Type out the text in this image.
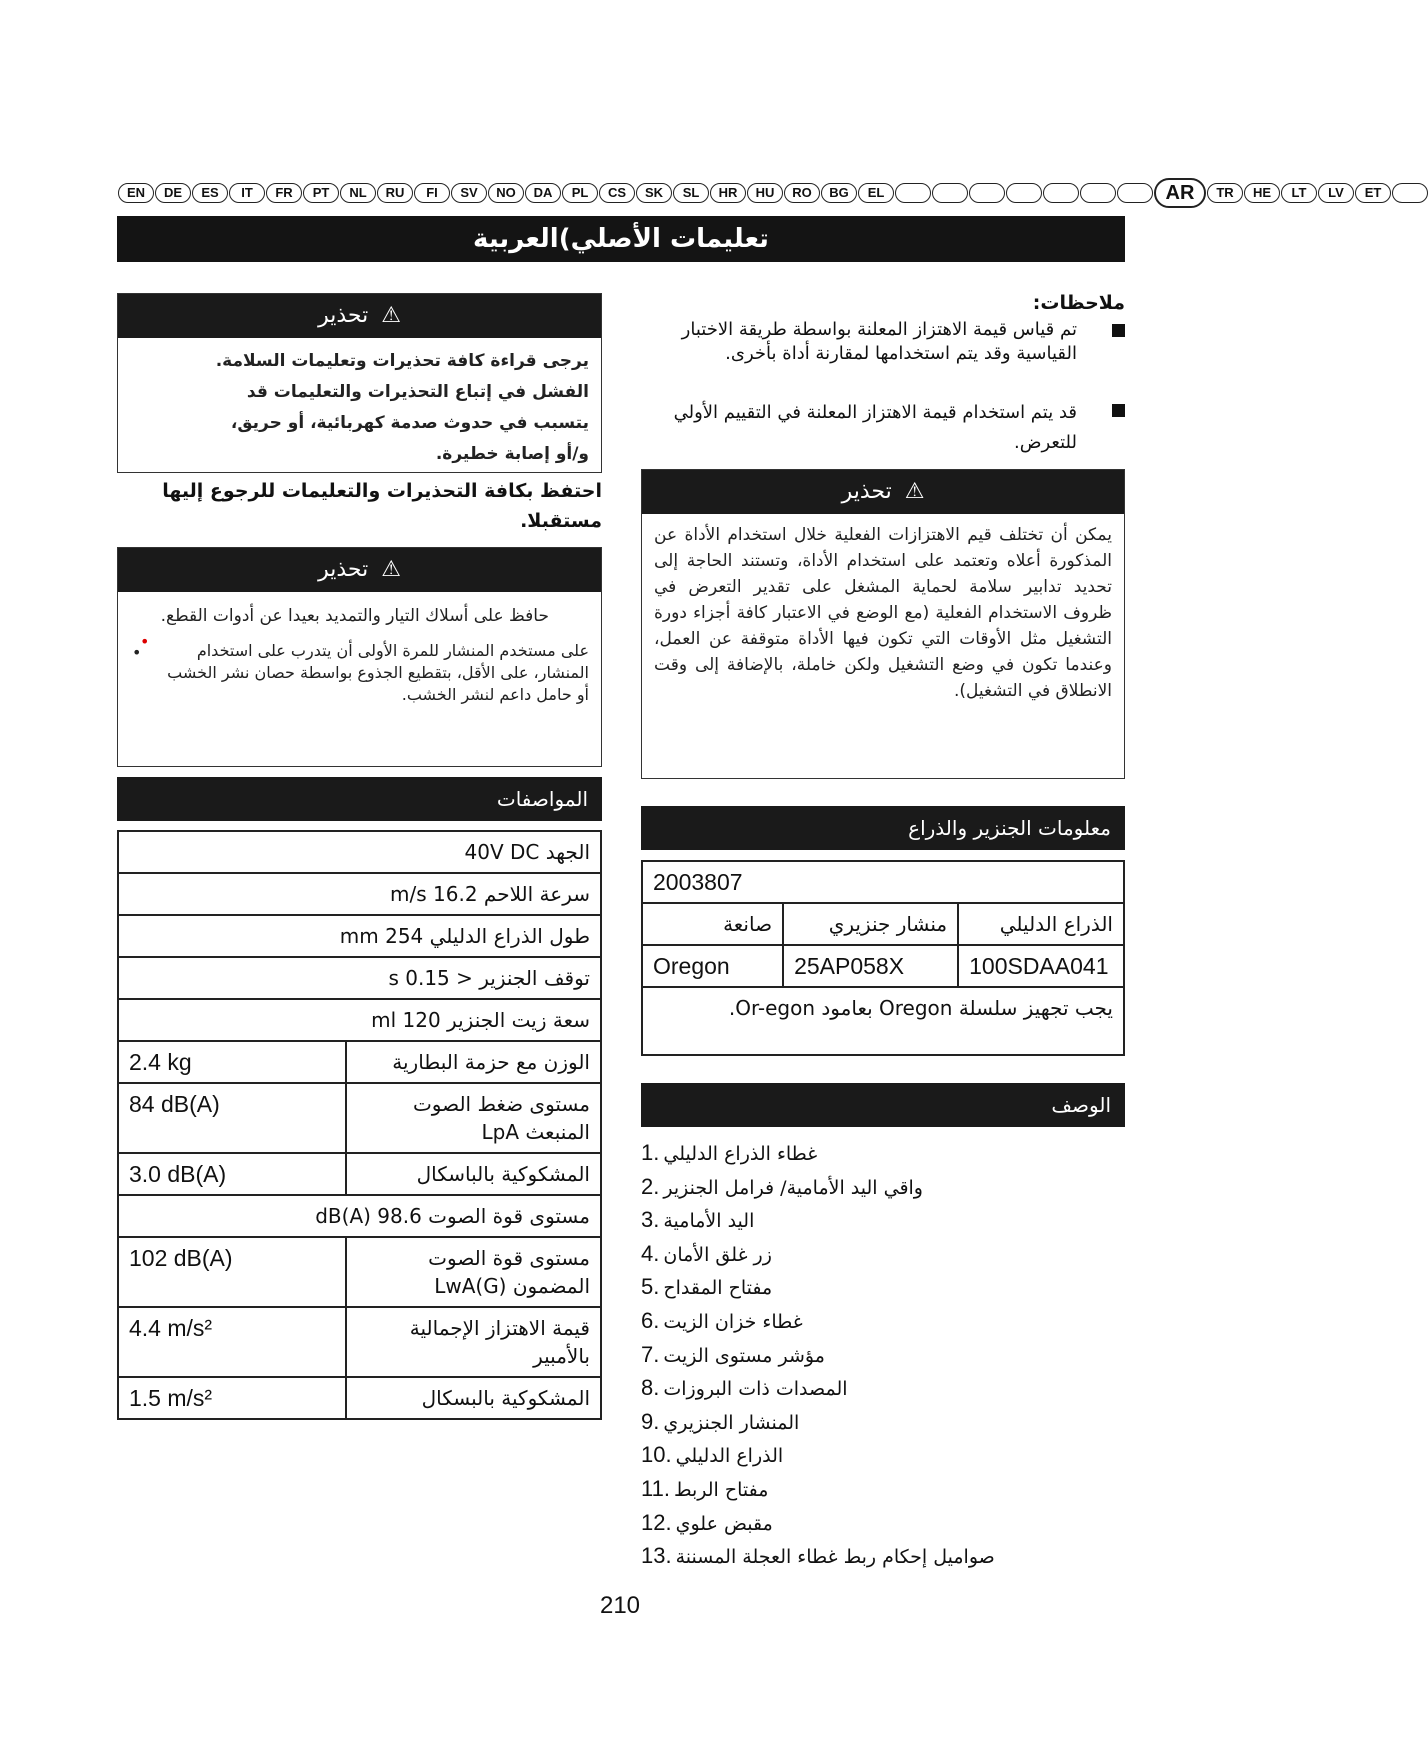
EN	DE	ES	IT	FR	PT	NL	RU	FI	SV	NO	DA	PL	CS	SK	SL	HR	HU	RO	BG	EL	AR	TR	HE	LT	LV	ET
ﺗﻌﻠﻴﻤﺎﺕ ﺍﻷﺻﻠﻲ)ﺍﻟﻌﺮﺑﻴﺔ
⚠ ﺗﺤﺬﻳﺮ
ﻳﺮﺟﻰ ﻗﺮﺍﺀﺓ ﻛﺎﻓﺔ ﺗﺤﺬﻳﺮﺍﺕ ﻭﺗﻌﻠﻴﻤﺎﺕ ﺍﻟﺴﻼﻣﺔ.
ﺍﻟﻔﺸﻞ ﻓﻲ ﺇﺗﺒﺎﻉ ﺍﻟﺘﺤﺬﻳﺮﺍﺕ ﻭﺍﻟﺘﻌﻠﻴﻤﺎﺕ ﻗﺪ
ﻳﺘﺴﺒﺐ ﻓﻲ ﺣﺪﻭﺙ ﺻﺪﻣﺔ ﻛﻬﺮﺑﺎﺋﻴﺔ، ﺃﻭ ﺣﺮﻳﻖ،
ﻭ/ﺃﻭ ﺇﺻﺎﺑﺔ ﺧﻄﻴﺮﺓ.
ﺍﺣﺘﻔﻆ ﺑﻜﺎﻓﺔ ﺍﻟﺘﺤﺬﻳﺮﺍﺕ ﻭﺍﻟﺘﻌﻠﻴﻤﺎﺕ ﻟﻠﺮﺟﻮﻉ ﺇﻟﻴﻬﺎ ﻣﺴﺘﻘﺒﻼ.
⚠ ﺗﺤﺬﻳﺮ
•
ﺣﺎﻓﻆ ﻋﻠﻰ ﺃﺳﻼﻙ ﺍﻟﺘﻴﺎﺭ ﻭﺍﻟﺘﻤﺪﻳﺪ ﺑﻌﻴﺪﺍ ﻋﻦ ﺃﺩﻭﺍﺕ ﺍﻟﻘﻄﻊ.
•	ﻋﻠﻰ ﻣﺴﺘﺨﺪﻡ ﺍﻟﻤﻨﺸﺎﺭ ﻟﻠﻤﺮﺓ ﺍﻷﻭﻟﻰ ﺃﻥ ﻳﺘﺪﺭﺏ ﻋﻠﻰ ﺍﺳﺘﺨﺪﺍﻡ ﺍﻟﻤﻨﺸﺎﺭ، ﻋﻠﻰ ﺍﻷﻗﻞ، ﺑﺘﻘﻄﻴﻊ ﺍﻟﺠﺬﻭﻉ ﺑﻮﺍﺳﻄﺔ ﺣﺼﺎﻥ ﻧﺸﺮ ﺍﻟﺨﺸﺐ ﺃﻭ ﺣﺎﻣﻞ ﺩﺍﻋﻢ ﻟﻨﺸﺮ ﺍﻟﺨﺸﺐ.
ﺍﻟﻤﻮﺍﺻﻔﺎﺕ
ﺍﻟﺠﻬﺪ 40V DC	
ﺳﺮﻋﺔ ﺍﻟﻼﺣﻢ 16.2 m/s	
ﻃﻮﻝ ﺍﻟﺬﺭﺍﻉ ﺍﻟﺪﻟﻴﻠﻲ 254 mm	
ﺗﻮﻗﻒ ﺍﻟﺠﻨﺰﻳﺮ < 0.15 s	
ﺳﻌﺔ ﺯﻳﺖ ﺍﻟﺠﻨﺰﻳﺮ 120 ml	
ﺍﻟﻮﺯﻥ ﻣﻊ ﺣﺰﻣﺔ ﺍﻟﺒﻄﺎﺭﻳﺔ	2.4 kg
ﻣﺴﺘﻮﻯ ﺿﻐﻂ ﺍﻟﺼﻮﺕ ﺍﻟﻤﻨﺒﻌﺚ LpA	84 dB(A)
ﺍﻟﻤﺸﻜﻮﻛﻴﺔ ﺑﺎﻟﺒﺎﺳﻜﺎﻝ	3.0 dB(A)
ﻣﺴﺘﻮﻯ ﻗﻮﺓ ﺍﻟﺼﻮﺕ 98.6 dB(A)	
ﻣﺴﺘﻮﻯ ﻗﻮﺓ ﺍﻟﺼﻮﺕ ﺍﻟﻤﻀﻤﻮﻥ LwA(G)	102 dB(A)
ﻗﻴﻤﺔ ﺍﻻﻫﺘﺰﺍﺯ ﺍﻹﺟﻤﺎﻟﻴﺔ ﺑﺎﻷﻣﺒﻴﺮ	4.4 m/s²
ﺍﻟﻤﺸﻜﻮﻛﻴﺔ ﺑﺎﻟﺒﺴﻜﺎﻝ	1.5 m/s²
ﻣﻼﺣﻈﺎﺕ:
ﺗﻢ ﻗﻴﺎﺱ ﻗﻴﻤﺔ ﺍﻻﻫﺘﺰﺍﺯ ﺍﻟﻤﻌﻠﻨﺔ ﺑﻮﺍﺳﻄﺔ ﻃﺮﻳﻘﺔ ﺍﻻﺧﺘﺒﺎﺭ ﺍﻟﻘﻴﺎﺳﻴﺔ ﻭﻗﺪ ﻳﺘﻢ ﺍﺳﺘﺨﺪﺍﻣﻬﺎ ﻟﻤﻘﺎﺭﻧﺔ ﺃﺩﺍﺓ ﺑﺄﺧﺮﻯ.
ﻗﺪ ﻳﺘﻢ ﺍﺳﺘﺨﺪﺍﻡ ﻗﻴﻤﺔ ﺍﻻﻫﺘﺰﺍﺯ ﺍﻟﻤﻌﻠﻨﺔ ﻓﻲ ﺍﻟﺘﻘﻴﻴﻢ ﺍﻷﻭﻟﻲ ﻟﻠﺘﻌﺮﺽ.
⚠ ﺗﺤﺬﻳﺮ
ﻳﻤﻜﻦ ﺃﻥ ﺗﺨﺘﻠﻒ ﻗﻴﻢ ﺍﻻﻫﺘﺰﺍﺯﺍﺕ ﺍﻟﻔﻌﻠﻴﺔ ﺧﻼﻝ ﺍﺳﺘﺨﺪﺍﻡ ﺍﻷﺩﺍﺓ ﻋﻦ ﺍﻟﻤﺬﻛﻮﺭﺓ ﺃﻋﻼﻩ ﻭﺗﻌﺘﻤﺪ ﻋﻠﻰ ﺍﺳﺘﺨﺪﺍﻡ ﺍﻷﺩﺍﺓ، ﻭﺗﺴﺘﻨﺪ ﺍﻟﺤﺎﺟﺔ ﺇﻟﻰ ﺗﺤﺪﻳﺪ ﺗﺪﺍﺑﻴﺮ ﺳﻼﻣﺔ ﻟﺤﻤﺎﻳﺔ ﺍﻟﻤﺸﻐﻞ ﻋﻠﻰ ﺗﻘﺪﻳﺮ ﺍﻟﺘﻌﺮﺽ ﻓﻲ ﻇﺮﻭﻑ ﺍﻻﺳﺘﺨﺪﺍﻡ ﺍﻟﻔﻌﻠﻴﺔ (ﻣﻊ ﺍﻟﻮﺿﻊ ﻓﻲ ﺍﻻﻋﺘﺒﺎﺭ ﻛﺎﻓﺔ ﺃﺟﺰﺍﺀ ﺩﻭﺭﺓ ﺍﻟﺘﺸﻐﻴﻞ ﻣﺜﻞ ﺍﻷﻭﻗﺎﺕ ﺍﻟﺘﻲ ﺗﻜﻮﻥ ﻓﻴﻬﺎ ﺍﻷﺩﺍﺓ ﻣﺘﻮﻗﻔﺔ ﻋﻦ ﺍﻟﻌﻤﻞ، ﻭﻋﻨﺪﻣﺎ ﺗﻜﻮﻥ ﻓﻲ ﻭﺿﻊ ﺍﻟﺘﺸﻐﻴﻞ ﻭﻟﻜﻦ ﺧﺎﻣﻠﺔ، ﺑﺎﻹﺿﺎﻓﺔ ﺇﻟﻰ ﻭﻗﺖ ﺍﻻﻧﻄﻼﻕ ﻓﻲ ﺍﻟﺘﺸﻐﻴﻞ).
ﻣﻌﻠﻮﻣﺎﺕ ﺍﻟﺠﻨﺰﻳﺮ ﻭﺍﻟﺬﺭﺍﻉ
2003807		
ﺍﻟﺬﺭﺍﻉ ﺍﻟﺪﻟﻴﻠﻲ	ﻣﻨﺸﺎﺭ ﺟﻨﺰﻳﺮﻱ	ﺻﺎﻧﻌﺔ
100SDAA041	25AP058X	Oregon
ﻳﺠﺐ ﺗﺠﻬﻴﺰ ﺳﻠﺴﻠﺔ Oregon ﺑﻌﺎﻣﻮﺩ Or-egon.		
ﺍﻟﻮﺻﻒ
1. ﻏﻄﺎﺀ ﺍﻟﺬﺭﺍﻉ ﺍﻟﺪﻟﻴﻠﻲ
2. ﻭﺍﻗﻲ ﺍﻟﻴﺪ ﺍﻷﻣﺎﻣﻴﺔ/ ﻓﺮﺍﻣﻞ ﺍﻟﺠﻨﺰﻳﺮ
3. ﺍﻟﻴﺪ ﺍﻷﻣﺎﻣﻴﺔ
4. ﺯﺭ ﻏﻠﻖ ﺍﻷﻣﺎﻥ
5. ﻣﻔﺘﺎﺡ ﺍﻟﻤﻘﺪﺍﺡ
6. ﻏﻄﺎﺀ ﺧﺰﺍﻥ ﺍﻟﺰﻳﺖ
7. ﻣﺆﺷﺮ ﻣﺴﺘﻮﻯ ﺍﻟﺰﻳﺖ
8. ﺍﻟﻤﺼﺪﺍﺕ ﺫﺍﺕ ﺍﻟﺒﺮﻭﺯﺍﺕ
9. ﺍﻟﻤﻨﺸﺎﺭ ﺍﻟﺠﻨﺰﻳﺮﻱ
10. ﺍﻟﺬﺭﺍﻉ ﺍﻟﺪﻟﻴﻠﻲ
11. ﻣﻔﺘﺎﺡ ﺍﻟﺮﺑﻂ
12. ﻣﻘﺒﺾ ﻋﻠﻮﻱ
13. ﺻﻮﺍﻣﻴﻞ ﺇﺣﻜﺎﻡ ﺭﺑﻂ ﻏﻄﺎﺀ ﺍﻟﻌﺠﻠﺔ ﺍﻟﻤﺴﻨﻨﺔ
210
